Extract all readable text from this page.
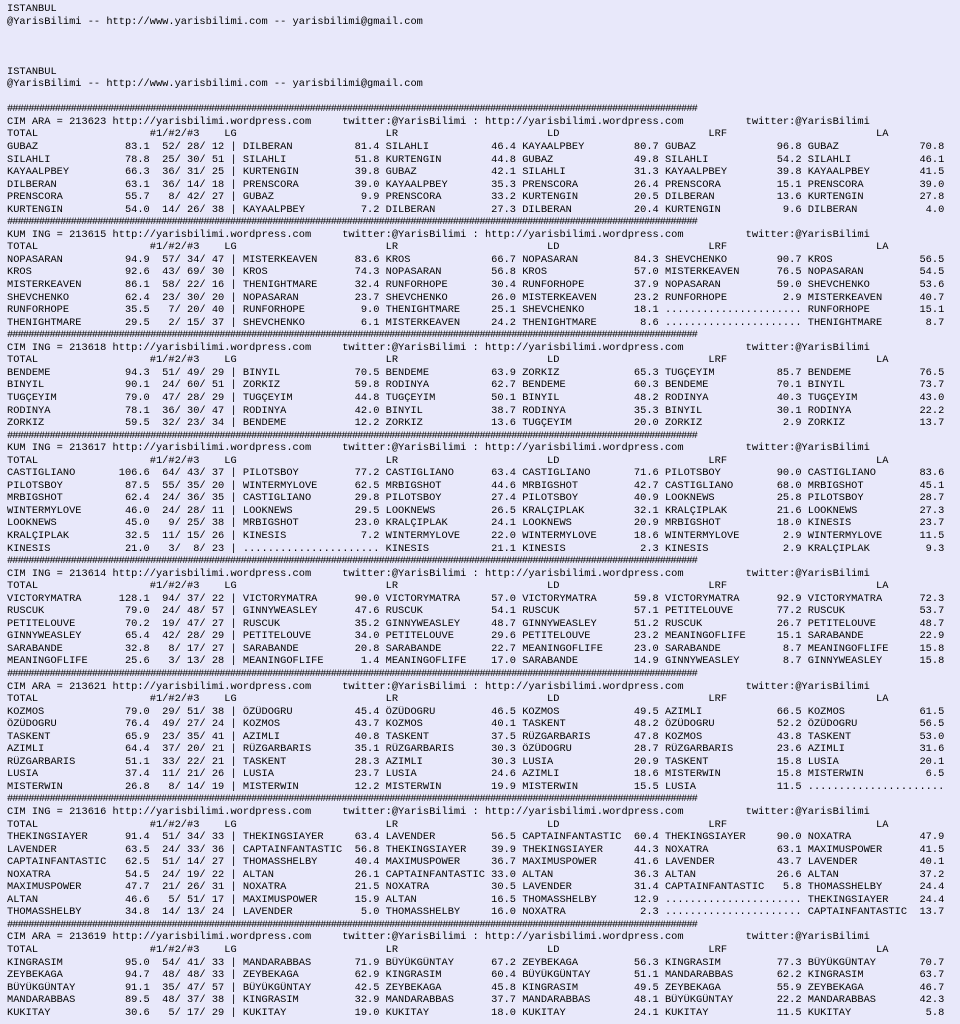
ISTANBUL
@YarisBilimi -- http://www.yarisbilimi.com -- yarisbilimi@gmail.com
ISTANBUL
@YarisBilimi -- http://www.yarisbilimi.com -- yarisbilimi@gmail.com
##################################################################################################################################
CIM ARA = 213623 http://yarisbilimi.wordpress.com     twitter:@YarisBilimi : http://yarisbilimi.wordpress.com          twitter:@YarisBilimi
TOTAL                  #1/#2/#3    LG                        LR                        LD                        LRF                        LA
GUBAZ              83.1  52/ 28/ 12 | DILBERAN          81.4 SILAHLI          46.4 KAYAALPBEY        80.7 GUBAZ             96.8 GUBAZ             70.8
SILAHLI            78.8  25/ 30/ 51 | SILAHLI           51.8 KURTENGIN        44.8 GUBAZ             49.8 SILAHLI           54.2 SILAHLI           46.1
KAYAALPBEY         66.3  36/ 31/ 25 | KURTENGIN         39.8 GUBAZ            42.1 SILAHLI           31.3 KAYAALPBEY        39.8 KAYAALPBEY        41.5
DILBERAN           63.1  36/ 14/ 18 | PRENSCORA         39.0 KAYAALPBEY       35.3 PRENSCORA         26.4 PRENSCORA         15.1 PRENSCORA         39.0
PRENSCORA          55.7   8/ 42/ 27 | GUBAZ              9.9 PRENSCORA        33.2 KURTENGIN         20.5 DILBERAN          13.6 KURTENGIN         27.8
KURTENGIN          54.0  14/ 26/ 38 | KAYAALPBEY         7.2 DILBERAN         27.3 DILBERAN          20.4 KURTENGIN          9.6 DILBERAN           4.0
##################################################################################################################################
KUM ING = 213615 http://yarisbilimi.wordpress.com     twitter:@YarisBilimi : http://yarisbilimi.wordpress.com          twitter:@YarisBilimi
TOTAL                  #1/#2/#3    LG                        LR                        LD                        LRF                        LA
NOPASARAN          94.9  57/ 34/ 47 | MISTERKEAVEN      83.6 KROS             66.7 NOPASARAN         84.3 SHEVCHENKO        90.7 KROS              56.5
KROS               92.6  43/ 69/ 30 | KROS              74.3 NOPASARAN        56.8 KROS              57.0 MISTERKEAVEN      76.5 NOPASARAN         54.5
MISTERKEAVEN       86.1  58/ 22/ 16 | THENIGHTMARE      32.4 RUNFORHOPE       30.4 RUNFORHOPE        37.9 NOPASARAN         59.0 SHEVCHENKO        53.6
SHEVCHENKO         62.4  23/ 30/ 20 | NOPASARAN         23.7 SHEVCHENKO       26.0 MISTERKEAVEN      23.2 RUNFORHOPE         2.9 MISTERKEAVEN      40.7
RUNFORHOPE         35.5   7/ 20/ 40 | RUNFORHOPE         9.0 THENIGHTMARE     25.1 SHEVCHENKO        18.1 ...................... RUNFORHOPE        15.1
THENIGHTMARE       29.5   2/ 15/ 37 | SHEVCHENKO         6.1 MISTERKEAVEN     24.2 THENIGHTMARE       8.6 ...................... THENIGHTMARE       8.7
##################################################################################################################################
CIM ING = 213618 http://yarisbilimi.wordpress.com     twitter:@YarisBilimi : http://yarisbilimi.wordpress.com          twitter:@YarisBilimi
TOTAL                  #1/#2/#3    LG                        LR                        LD                        LRF                        LA
BENDEME            94.3  51/ 49/ 29 | BINYIL            70.5 BENDEME          63.9 ZORKIZ            65.3 TUGÇEYIM          85.7 BENDEME           76.5
BINYIL             90.1  24/ 60/ 51 | ZORKIZ            59.8 RODINYA          62.7 BENDEME           60.3 BENDEME           70.1 BINYIL            73.7
TUGÇEYIM           79.0  47/ 28/ 29 | TUGÇEYIM          44.8 TUGÇEYIM         50.1 BINYIL            48.2 RODINYA           40.3 TUGÇEYIM          43.0
RODINYA            78.1  36/ 30/ 47 | RODINYA           42.0 BINYIL           38.7 RODINYA           35.3 BINYIL            30.1 RODINYA           22.2
ZORKIZ             59.5  32/ 23/ 34 | BENDEME           12.2 ZORKIZ           13.6 TUGÇEYIM          20.0 ZORKIZ             2.9 ZORKIZ            13.7
##################################################################################################################################
KUM ING = 213617 http://yarisbilimi.wordpress.com     twitter:@YarisBilimi : http://yarisbilimi.wordpress.com          twitter:@YarisBilimi
TOTAL                  #1/#2/#3    LG                        LR                        LD                        LRF                        LA
CASTIGLIANO       106.6  64/ 43/ 37 | PILOTSBOY         77.2 CASTIGLIANO      63.4 CASTIGLIANO       71.6 PILOTSBOY         90.0 CASTIGLIANO       83.6
PILOTSBOY          87.5  55/ 35/ 20 | WINTERMYLOVE      62.5 MRBIGSHOT        44.6 MRBIGSHOT         42.7 CASTIGLIANO       68.0 MRBIGSHOT         45.1
MRBIGSHOT          62.4  24/ 36/ 35 | CASTIGLIANO       29.8 PILOTSBOY        27.4 PILOTSBOY         40.9 LOOKNEWS          25.8 PILOTSBOY         28.7
WINTERMYLOVE       46.0  24/ 28/ 11 | LOOKNEWS          29.5 LOOKNEWS         26.5 KRALÇIPLAK        32.1 KRALÇIPLAK        21.6 LOOKNEWS          27.3
LOOKNEWS           45.0   9/ 25/ 38 | MRBIGSHOT         23.0 KRALÇIPLAK       24.1 LOOKNEWS          20.9 MRBIGSHOT         18.0 KINESIS           23.7
KRALÇIPLAK         32.5  11/ 15/ 26 | KINESIS            7.2 WINTERMYLOVE     22.0 WINTERMYLOVE      18.6 WINTERMYLOVE       2.9 WINTERMYLOVE      11.5
KINESIS            21.0   3/  8/ 23 | ...................... KINESIS          21.1 KINESIS            2.3 KINESIS            2.9 KRALÇIPLAK         9.3
##################################################################################################################################
CIM ING = 213614 http://yarisbilimi.wordpress.com     twitter:@YarisBilimi : http://yarisbilimi.wordpress.com          twitter:@YarisBilimi
TOTAL                  #1/#2/#3    LG                        LR                        LD                        LRF                        LA
VICTORYMATRA      128.1  94/ 37/ 22 | VICTORYMATRA      90.0 VICTORYMATRA     57.0 VICTORYMATRA      59.8 VICTORYMATRA      92.9 VICTORYMATRA      72.3
RUSCUK             79.0  24/ 48/ 57 | GINNYWEASLEY      47.6 RUSCUK           54.1 RUSCUK            57.1 PETITELOUVE       77.2 RUSCUK            53.7
PETITELOUVE        70.2  19/ 47/ 27 | RUSCUK            35.2 GINNYWEASLEY     48.7 GINNYWEASLEY      51.2 RUSCUK            26.7 PETITELOUVE       48.7
GINNYWEASLEY       65.4  42/ 28/ 29 | PETITELOUVE       34.0 PETITELOUVE      29.6 PETITELOUVE       23.2 MEANINGOFLIFE     15.1 SARABANDE         22.9
SARABANDE          32.8   8/ 17/ 27 | SARABANDE         20.8 SARABANDE        22.7 MEANINGOFLIFE     23.0 SARABANDE          8.7 MEANINGOFLIFE     15.8
MEANINGOFLIFE      25.6   3/ 13/ 28 | MEANINGOFLIFE      1.4 MEANINGOFLIFE    17.0 SARABANDE         14.9 GINNYWEASLEY       8.7 GINNYWEASLEY      15.8
##################################################################################################################################
CIM ARA = 213621 http://yarisbilimi.wordpress.com     twitter:@YarisBilimi : http://yarisbilimi.wordpress.com          twitter:@YarisBilimi
TOTAL                  #1/#2/#3    LG                        LR                        LD                        LRF                        LA
KOZMOS             79.0  29/ 51/ 38 | ÖZÜDOGRU          45.4 ÖZÜDOGRU         46.5 KOZMOS            49.5 AZIMLI            66.5 KOZMOS            61.5
ÖZÜDOGRU           76.4  49/ 27/ 24 | KOZMOS            43.7 KOZMOS           40.1 TASKENT           48.2 ÖZÜDOGRU          52.2 ÖZÜDOGRU          56.5
TASKENT            65.9  23/ 35/ 41 | AZIMLI            40.8 TASKENT          37.5 RÜZGARBARIS       47.8 KOZMOS            43.8 TASKENT           53.0
AZIMLI             64.4  37/ 20/ 21 | RÜZGARBARIS       35.1 RÜZGARBARIS      30.3 ÖZÜDOGRU          28.7 RÜZGARBARIS       23.6 AZIMLI            31.6
RÜZGARBARIS        51.1  33/ 22/ 21 | TASKENT           28.3 AZIMLI           30.3 LUSIA             20.9 TASKENT           15.8 LUSIA             20.1
LUSIA              37.4  11/ 21/ 26 | LUSIA             23.7 LUSIA            24.6 AZIMLI            18.6 MISTERWIN         15.8 MISTERWIN          6.5
MISTERWIN          26.8   8/ 14/ 19 | MISTERWIN         12.2 MISTERWIN        19.9 MISTERWIN         15.5 LUSIA             11.5 ......................
##################################################################################################################################
CIM ING = 213616 http://yarisbilimi.wordpress.com     twitter:@YarisBilimi : http://yarisbilimi.wordpress.com          twitter:@YarisBilimi
TOTAL                  #1/#2/#3    LG                        LR                        LD                        LRF                        LA
THEKINGSIAYER      91.4  51/ 34/ 33 | THEKINGSIAYER     63.4 LAVENDER         56.5 CAPTAINFANTASTIC  60.4 THEKINGSIAYER     90.0 NOXATRA           47.9
LAVENDER           63.5  24/ 33/ 36 | CAPTAINFANTASTIC  56.8 THEKINGSIAYER    39.9 THEKINGSIAYER     44.3 NOXATRA           63.1 MAXIMUSPOWER      41.5
CAPTAINFANTASTIC   62.5  51/ 14/ 27 | THOMASSHELBY      40.4 MAXIMUSPOWER     36.7 MAXIMUSPOWER      41.6 LAVENDER          43.7 LAVENDER          40.1
NOXATRA            54.5  24/ 19/ 22 | ALTAN             26.1 CAPTAINFANTASTIC 33.0 ALTAN             36.3 ALTAN             26.6 ALTAN             37.2
MAXIMUSPOWER       47.7  21/ 26/ 31 | NOXATRA           21.5 NOXATRA          30.5 LAVENDER          31.4 CAPTAINFANTASTIC   5.8 THOMASSHELBY      24.4
ALTAN              46.6   5/ 51/ 17 | MAXIMUSPOWER      15.9 ALTAN            16.5 THOMASSHELBY      12.9 ...................... THEKINGSIAYER     24.4
THOMASSHELBY       34.8  14/ 13/ 24 | LAVENDER           5.0 THOMASSHELBY     16.0 NOXATRA            2.3 ...................... CAPTAINFANTASTIC  13.7
##################################################################################################################################
CIM ARA = 213619 http://yarisbilimi.wordpress.com     twitter:@YarisBilimi : http://yarisbilimi.wordpress.com          twitter:@YarisBilimi
TOTAL                  #1/#2/#3    LG                        LR                        LD                        LRF                        LA
KINGRASIM          95.0  54/ 41/ 33 | MANDARABBAS       71.9 BÜYÜKGÜNTAY      67.2 ZEYBEKAGA         56.3 KINGRASIM         77.3 BÜYÜKGÜNTAY       70.7
ZEYBEKAGA          94.7  48/ 48/ 33 | ZEYBEKAGA         62.9 KINGRASIM        60.4 BÜYÜKGÜNTAY       51.1 MANDARABBAS       62.2 KINGRASIM         63.7
BÜYÜKGÜNTAY        91.1  35/ 47/ 57 | BÜYÜKGÜNTAY       42.5 ZEYBEKAGA        45.8 KINGRASIM         49.5 ZEYBEKAGA         55.9 ZEYBEKAGA         46.7
MANDARABBAS        89.5  48/ 37/ 38 | KINGRASIM         32.9 MANDARABBAS      37.7 MANDARABBAS       48.1 BÜYÜKGÜNTAY       22.2 MANDARABBAS       42.3
KUKITAY            30.6   5/ 17/ 29 | KUKITAY           19.0 KUKITAY          18.0 KUKITAY           24.1 KUKITAY           11.5 KUKITAY            5.8
